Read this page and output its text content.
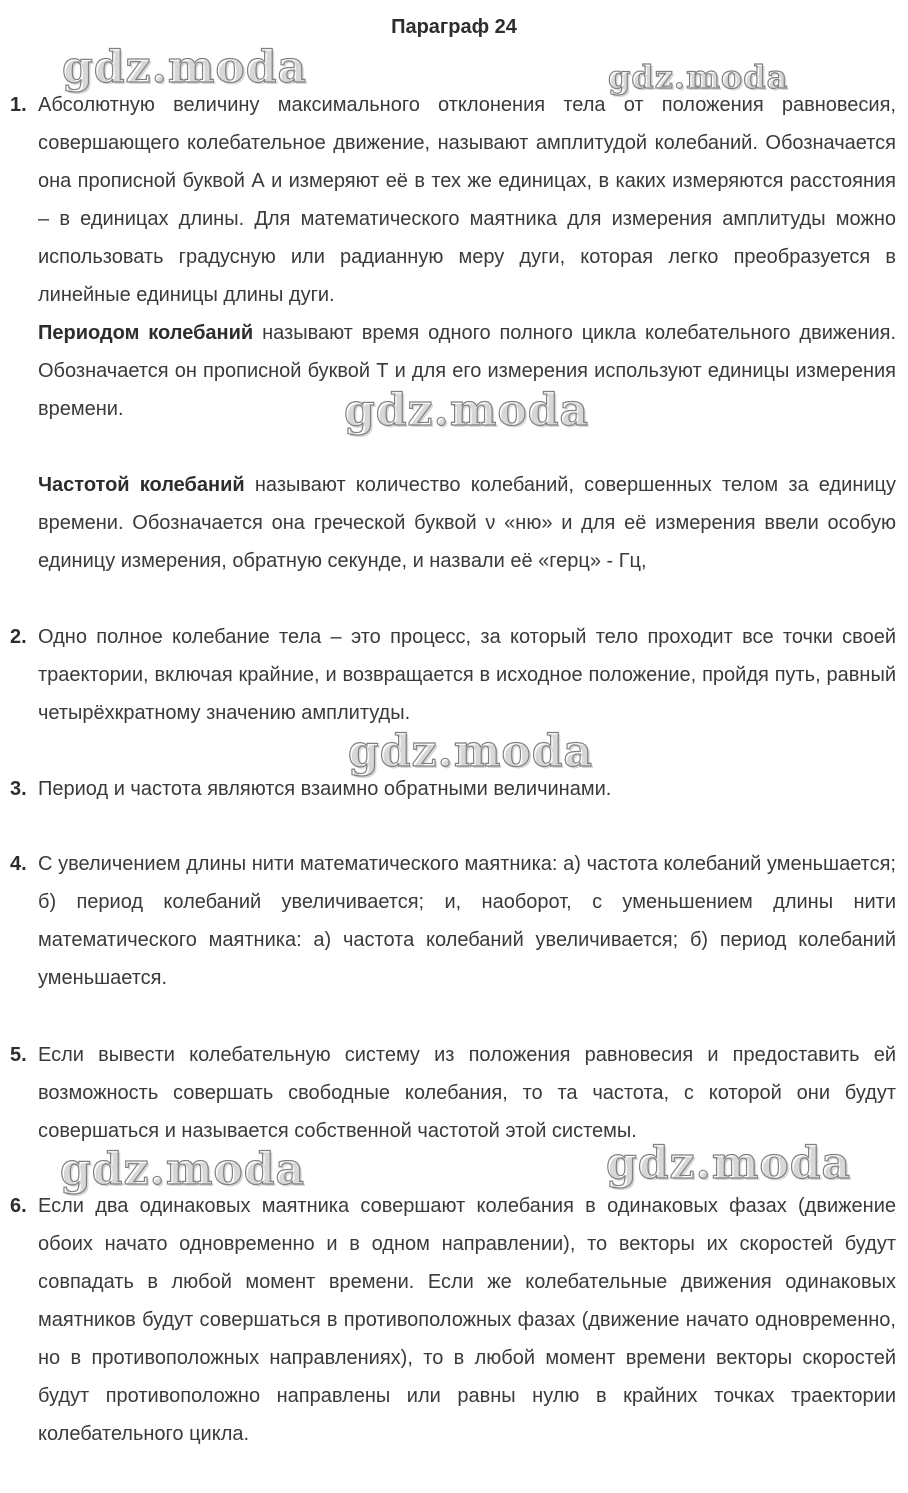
Параграф 24
1. Абсолютную величину максимального отклонения тела от положения равновесия, совершающего колебательное движение, называют амплитудой колебаний. Обозначается она прописной буквой А и измеряют её в тех же единицах, в каких измеряются расстояния – в единицах длины. Для математического маятника для измерения амплитуды можно использовать градусную или радианную меру дуги, которая легко преобразуется в линейные единицы длины дуги.

Периодом колебаний называют время одного полного цикла колебательного движения. Обозначается он прописной буквой Т и для его измерения используют единицы измерения времени.

Частотой колебаний называют количество колебаний, совершенных телом за единицу времени. Обозначается она греческой буквой ν «ню» и для её измерения ввели особую единицу измерения, обратную секунде, и назвали её «герц» - Гц,

2. Одно полное колебание тела – это процесс, за который тело проходит все точки своей траектории, включая крайние, и возвращается в исходное положение, пройдя путь, равный четырёхкратному значению амплитуды.

3. Период и частота являются взаимно обратными величинами.

4. С увеличением длины нити математического маятника: а) частота колебаний уменьшается; б) период колебаний увеличивается; и, наоборот, с уменьшением длины нити математического маятника: а) частота колебаний увеличивается; б) период колебаний уменьшается.

5. Если вывести колебательную систему из положения равновесия и предоставить ей возможность совершать свободные колебания, то та частота, с которой они будут совершаться и называется собственной частотой этой системы.

6. Если два одинаковых маятника совершают колебания в одинаковых фазах (движение обоих начато одновременно и в одном направлении), то векторы их скоростей будут совпадать в любой момент времени. Если же колебательные движения одинаковых маятников будут совершаться в противоположных фазах (движение начато одновременно, но в противоположных направлениях), то в любой момент времени векторы скоростей будут противоположно направлены или равны нулю в крайних точках траектории колебательного цикла.

gdz.moda	gdz.moda
gdz.moda
gdz.moda
gdz.moda	gdz.moda
